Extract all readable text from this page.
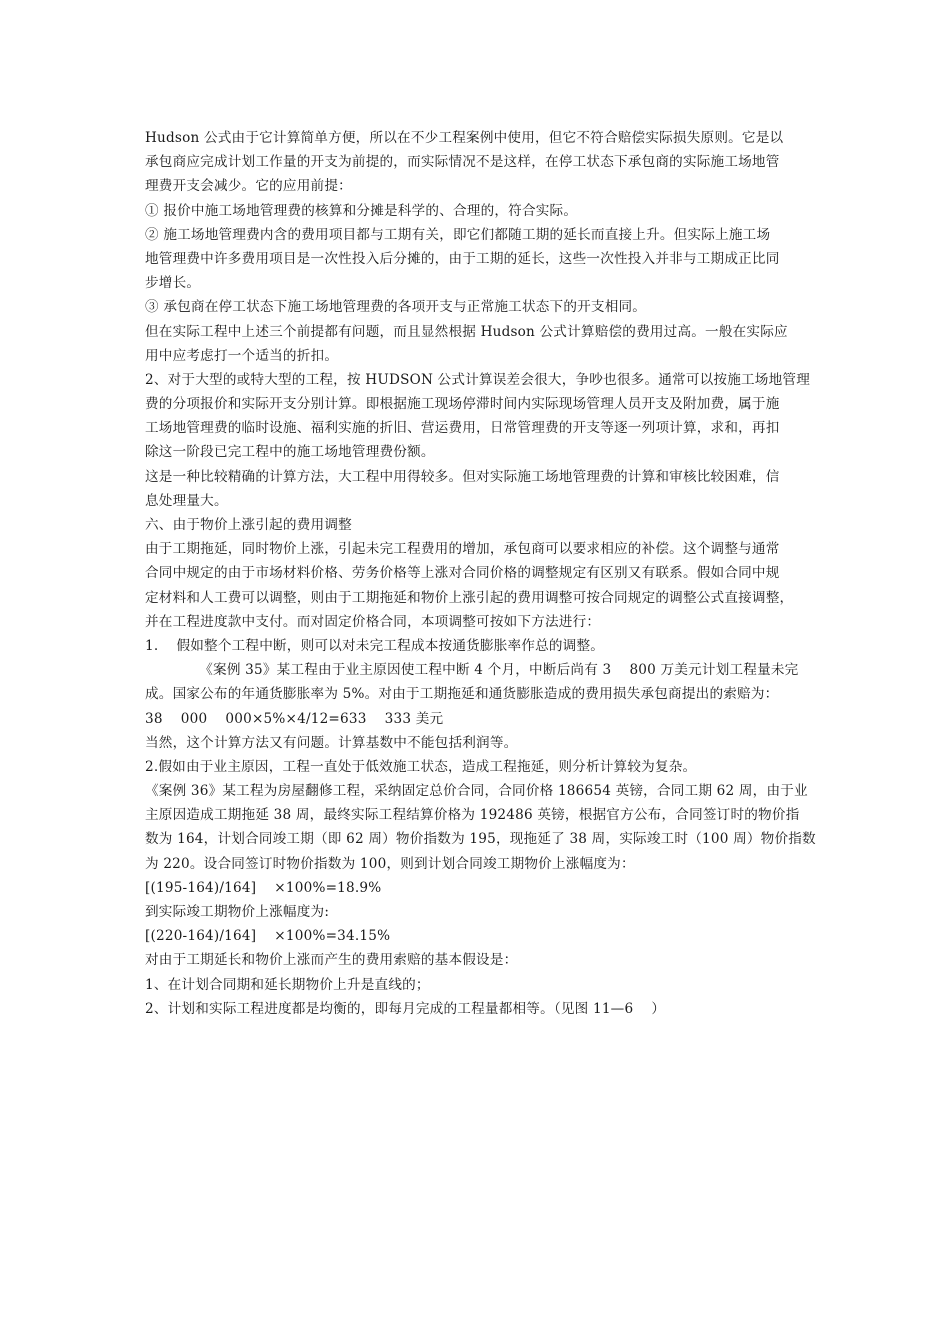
Hudson 公式由于它计算简单方便，所以在不少工程案例中使用，但它不符合赔偿实际损失原则。它是以
承包商应完成计划工作量的开支为前提的，而实际情况不是这样，在停工状态下承包商的实际施工场地管
理费开支会减少。它的应用前提：
① 报价中施工场地管理费的核算和分摊是科学的、合理的，符合实际。
② 施工场地管理费内含的费用项目都与工期有关，即它们都随工期的延长而直接上升。但实际上施工场
地管理费中许多费用项目是一次性投入后分摊的，由于工期的延长，这些一次性投入并非与工期成正比同
步增长。
③ 承包商在停工状态下施工场地管理费的各项开支与正常施工状态下的开支相同。
但在实际工程中上述三个前提都有问题，而且显然根据 Hudson 公式计算赔偿的费用过高。一般在实际应
用中应考虑打一个适当的折扣。
2、对于大型的或特大型的工程，按 HUDSON 公式计算误差会很大，争吵也很多。通常可以按施工场地管理
费的分项报价和实际开支分别计算。即根据施工现场停滞时间内实际现场管理人员开支及附加费，属于施
工场地管理费的临时设施、福利实施的折旧、营运费用，日常管理费的开支等逐一列项计算，求和，再扣
除这一阶段已完工程中的施工场地管理费份额。
这是一种比较精确的计算方法，大工程中用得较多。但对实际施工场地管理费的计算和审核比较困难，信
息处理量大。
六、由于物价上涨引起的费用调整
由于工期拖延，同时物价上涨，引起未完工程费用的增加，承包商可以要求相应的补偿。这个调整与通常
合同中规定的由于市场材料价格、劳务价格等上涨对合同价格的调整规定有区别又有联系。假如合同中规
定材料和人工费可以调整，则由于工期拖延和物价上涨引起的费用调整可按合同规定的调整公式直接调整，
并在工程进度款中支付。而对固定价格合同，本项调整可按如下方法进行：
1.    假如整个工程中断，则可以对未完工程成本按通货膨胀率作总的调整。
《案例 35》某工程由于业主原因使工程中断 4 个月，中断后尚有 3    800 万美元计划工程量未完
成。国家公布的年通货膨胀率为 5%。对由于工期拖延和通货膨胀造成的费用损失承包商提出的索赔为：
38    000    000×5%×4/12=633    333 美元
当然，这个计算方法又有问题。计算基数中不能包括利润等。
2.假如由于业主原因，工程一直处于低效施工状态，造成工程拖延，则分析计算较为复杂。
《案例 36》某工程为房屋翻修工程，采纳固定总价合同，合同价格 186654 英镑，合同工期 62 周，由于业
主原因造成工期拖延 38 周，最终实际工程结算价格为 192486 英镑，根据官方公布，合同签订时的物价指
数为 164，计划合同竣工期（即 62 周）物价指数为 195，现拖延了 38 周，实际竣工时（100 周）物价指数
为 220。设合同签订时物价指数为 100，则到计划合同竣工期物价上涨幅度为：
[(195-164)/164]    ×100%=18.9%
到实际竣工期物价上涨幅度为:
[(220-164)/164]    ×100%=34.15%
对由于工期延长和物价上涨而产生的费用索赔的基本假设是：
1、在计划合同期和延长期物价上升是直线的；
2、计划和实际工程进度都是均衡的，即每月完成的工程量都相等。（见图 11—6    ）
